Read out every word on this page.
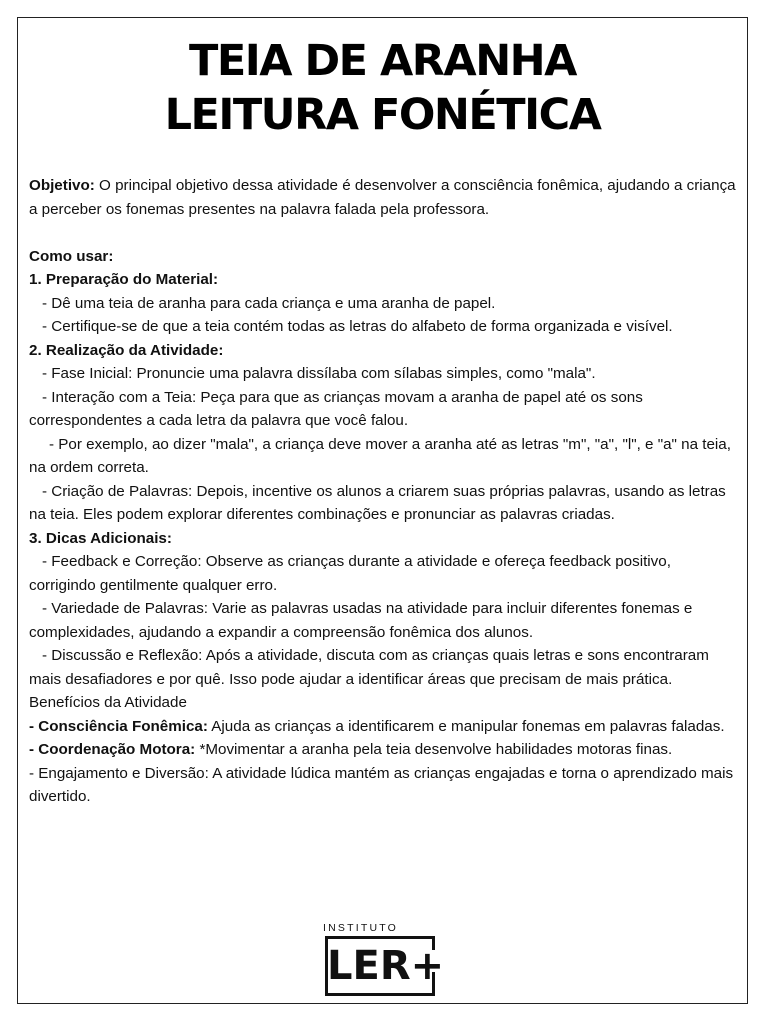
TEIA DE ARANHA
LEITURA FONÉTICA

Objetivo: O principal objetivo dessa atividade é desenvolver a consciência fonêmica, ajudando a criança a perceber os fonemas presentes na palavra falada pela professora.

Como usar:

1. Preparação do Material:

- Dê uma teia de aranha para cada criança e uma aranha de papel.

- Certifique-se de que a teia contém todas as letras do alfabeto de forma organizada e visível.

2. Realização da Atividade:

- Fase Inicial: Pronuncie uma palavra dissílaba com sílabas simples, como "mala".

- Interação com a Teia: Peça para que as crianças movam a aranha de papel até os sons correspondentes a cada letra da palavra que você falou.

- Por exemplo, ao dizer "mala", a criança deve mover a aranha até as letras "m", "a", "l", e "a" na teia, na ordem correta.

- Criação de Palavras: Depois, incentive os alunos a criarem suas próprias palavras, usando as letras na teia. Eles podem explorar diferentes combinações e pronunciar as palavras criadas.

3. Dicas Adicionais:

- Feedback e Correção: Observe as crianças durante a atividade e ofereça feedback positivo, corrigindo gentilmente qualquer erro.

- Variedade de Palavras: Varie as palavras usadas na atividade para incluir diferentes fonemas e complexidades, ajudando a expandir a compreensão fonêmica dos alunos.

- Discussão e Reflexão: Após a atividade, discuta com as crianças quais letras e sons encontraram mais desafiadores e por quê. Isso pode ajudar a identificar áreas que precisam de mais prática.

Benefícios da Atividade

- Consciência Fonêmica: Ajuda as crianças a identificarem e manipular fonemas em palavras faladas.

- Coordenação Motora: *Movimentar a aranha pela teia desenvolve habilidades motoras finas.

- Engajamento e Diversão: A atividade lúdica mantém as crianças engajadas e torna o aprendizado mais divertido.

INSTITUTO
LER+
